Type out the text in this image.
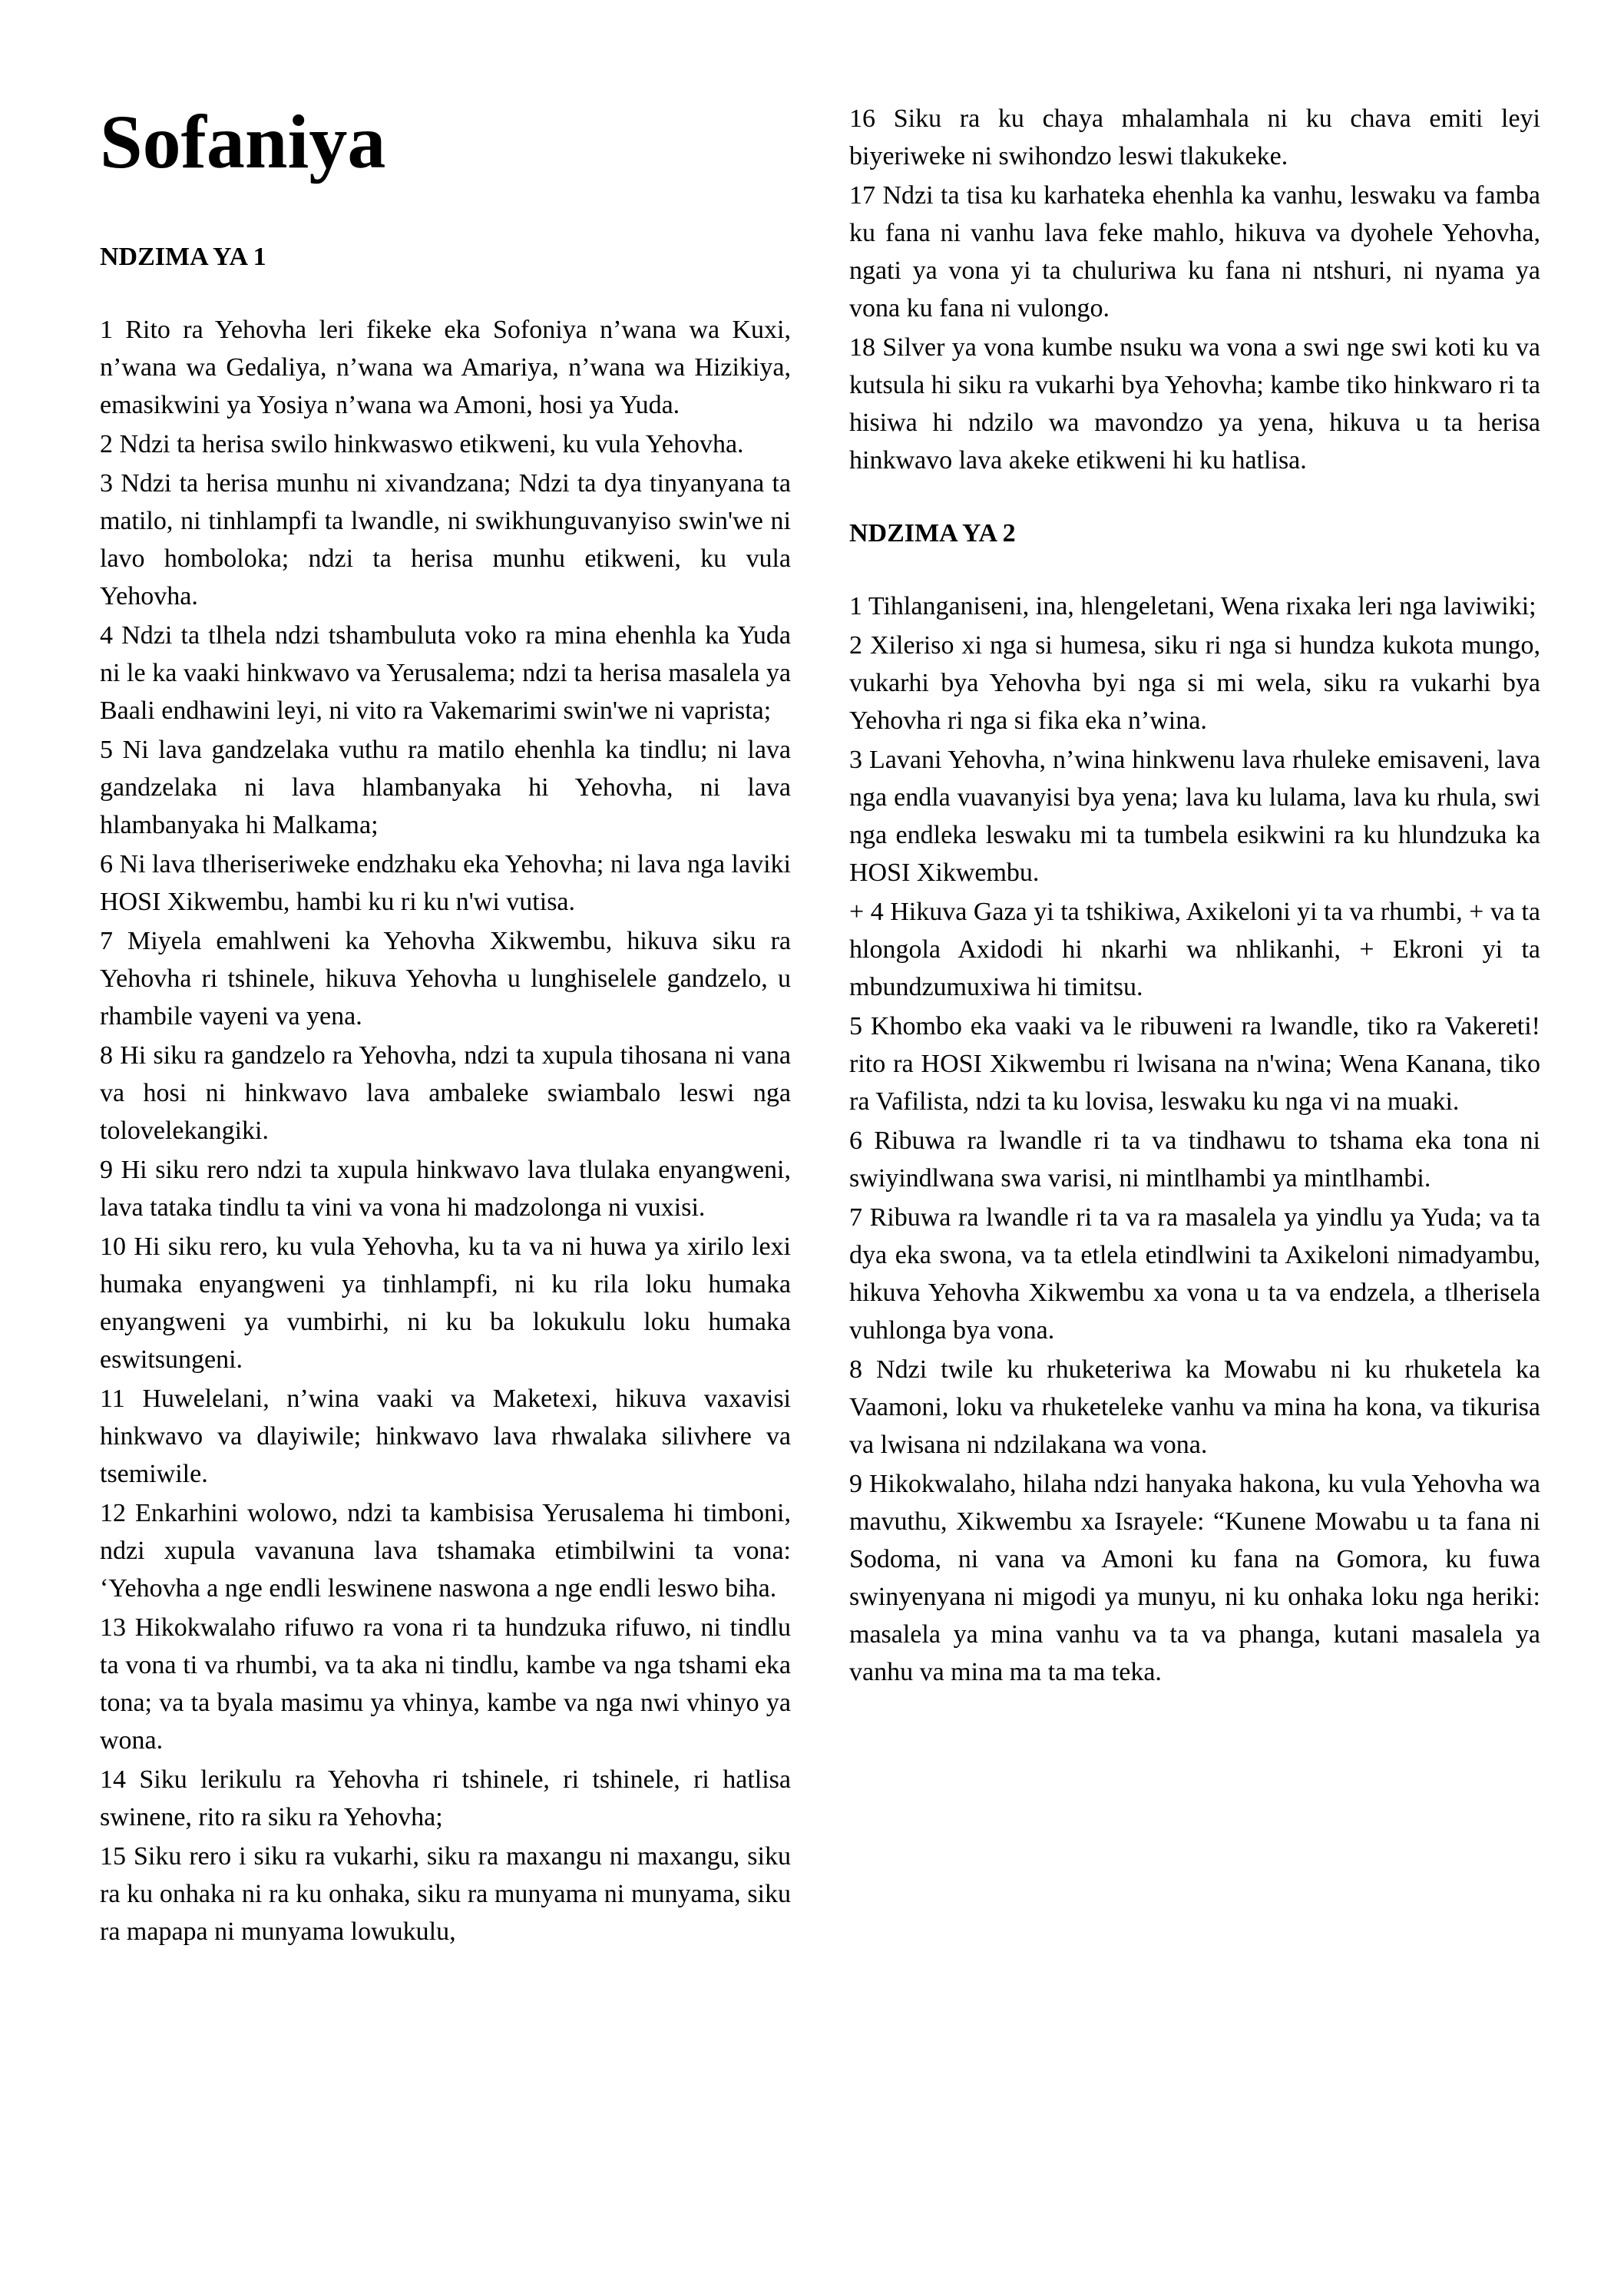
Sofaniya
NDZIMA YA 1

1 Rito ra Yehovha leri fikeke eka Sofoniya n’wana wa Kuxi, n’wana wa Gedaliya, n’wana wa Amariya, n’wana wa Hizikiya, emasikwini ya Yosiya n’wana wa Amoni, hosi ya Yuda.

2 Ndzi ta herisa swilo hinkwaswo etikweni, ku vula Yehovha.

3 Ndzi ta herisa munhu ni xivandzana; Ndzi ta dya tinyanyana ta matilo, ni tinhlampfi ta lwandle, ni swikhunguvanyiso swin'we ni lavo homboloka; ndzi ta herisa munhu etikweni, ku vula Yehovha.

4 Ndzi ta tlhela ndzi tshambuluta voko ra mina ehenhla ka Yuda ni le ka vaaki hinkwavo va Yerusalema; ndzi ta herisa masalela ya Baali endhawini leyi, ni vito ra Vakemarimi swin'we ni vaprista;

5 Ni lava gandzelaka vuthu ra matilo ehenhla ka tindlu; ni lava gandzelaka ni lava hlambanyaka hi Yehovha, ni lava hlambanyaka hi Malkama;

6 Ni lava tlheriseriweke endzhaku eka Yehovha; ni lava nga laviki HOSI Xikwembu, hambi ku ri ku n'wi vutisa.

7 Miyela emahlweni ka Yehovha Xikwembu, hikuva siku ra Yehovha ri tshinele, hikuva Yehovha u lunghiselele gandzelo, u rhambile vayeni va yena.

8 Hi siku ra gandzelo ra Yehovha, ndzi ta xupula tihosana ni vana va hosi ni hinkwavo lava ambaleke swiambalo leswi nga tolovelekangiki.

9 Hi siku rero ndzi ta xupula hinkwavo lava tlulaka enyangweni, lava tataka tindlu ta vini va vona hi madzolonga ni vuxisi.

10 Hi siku rero, ku vula Yehovha, ku ta va ni huwa ya xirilo lexi humaka enyangweni ya tinhlampfi, ni ku rila loku humaka enyangweni ya vumbirhi, ni ku ba lokukulu loku humaka eswitsungeni.

11 Huwelelani, n’wina vaaki va Maketexi, hikuva vaxavisi hinkwavo va dlayiwile; hinkwavo lava rhwalaka silivhere va tsemiwile.

12 Enkarhini wolowo, ndzi ta kambisisa Yerusalema hi timboni, ndzi xupula vavanuna lava tshamaka etimbilwini ta vona: ‘Yehovha a nge endli leswinene naswona a nge endli leswo biha.

13 Hikokwalaho rifuwo ra vona ri ta hundzuka rifuwo, ni tindlu ta vona ti va rhumbi, va ta aka ni tindlu, kambe va nga tshami eka tona; va ta byala masimu ya vhinya, kambe va nga nwi vhinyo ya wona.

14 Siku lerikulu ra Yehovha ri tshinele, ri tshinele, ri hatlisa swinene, rito ra siku ra Yehovha;

15 Siku rero i siku ra vukarhi, siku ra maxangu ni maxangu, siku ra ku onhaka ni ra ku onhaka, siku ra munyama ni munyama, siku ra mapapa ni munyama lowukulu,

16 Siku ra ku chaya mhalamhala ni ku chava emiti leyi biyeriweke ni swihondzo leswi tlakukeke.

17 Ndzi ta tisa ku karhateka ehenhla ka vanhu, leswaku va famba ku fana ni vanhu lava feke mahlo, hikuva va dyohele Yehovha, ngati ya vona yi ta chuluriwa ku fana ni ntshuri, ni nyama ya vona ku fana ni vulongo.

18 Silver ya vona kumbe nsuku wa vona a swi nge swi koti ku va kutsula hi siku ra vukarhi bya Yehovha; kambe tiko hinkwaro ri ta hisiwa hi ndzilo wa mavondzo ya yena, hikuva u ta herisa hinkwavo lava akeke etikweni hi ku hatlisa.

NDZIMA YA 2

1 Tihlanganiseni, ina, hlengeletani, Wena rixaka leri nga laviwiki;

2 Xileriso xi nga si humesa, siku ri nga si hundza kukota mungo, vukarhi bya Yehovha byi nga si mi wela, siku ra vukarhi bya Yehovha ri nga si fika eka n’wina.

3 Lavani Yehovha, n’wina hinkwenu lava rhuleke emisaveni, lava nga endla vuavanyisi bya yena; lava ku lulama, lava ku rhula, swi nga endleka leswaku mi ta tumbela esikwini ra ku hlundzuka ka HOSI Xikwembu.

+ 4 Hikuva Gaza yi ta tshikiwa, Axikeloni yi ta va rhumbi, + va ta hlongola Axidodi hi nkarhi wa nhlikanhi, + Ekroni yi ta mbundzumuxiwa hi timitsu.

5 Khombo eka vaaki va le ribuweni ra lwandle, tiko ra Vakereti! rito ra HOSI Xikwembu ri lwisana na n'wina; Wena Kanana, tiko ra Vafilista, ndzi ta ku lovisa, leswaku ku nga vi na muaki.

6 Ribuwa ra lwandle ri ta va tindhawu to tshama eka tona ni swiyindlwana swa varisi, ni mintlhambi ya mintlhambi.

7 Ribuwa ra lwandle ri ta va ra masalela ya yindlu ya Yuda; va ta dya eka swona, va ta etlela etindlwini ta Axikeloni nimadyambu, hikuva Yehovha Xikwembu xa vona u ta va endzela, a tlherisela vuhlonga bya vona.

8 Ndzi twile ku rhuketeriwa ka Mowabu ni ku rhuketela ka Vaamoni, loku va rhuketeleke vanhu va mina ha kona, va tikurisa va lwisana ni ndzilakana wa vona.

9 Hikokwalaho, hilaha ndzi hanyaka hakona, ku vula Yehovha wa mavuthu, Xikwembu xa Israyele: “Kunene Mowabu u ta fana ni Sodoma, ni vana va Amoni ku fana na Gomora, ku fuwa swinyenyana ni migodi ya munyu, ni ku onhaka loku nga heriki: masalela ya mina vanhu va ta va phanga, kutani masalela ya vanhu va mina ma ta ma teka.
